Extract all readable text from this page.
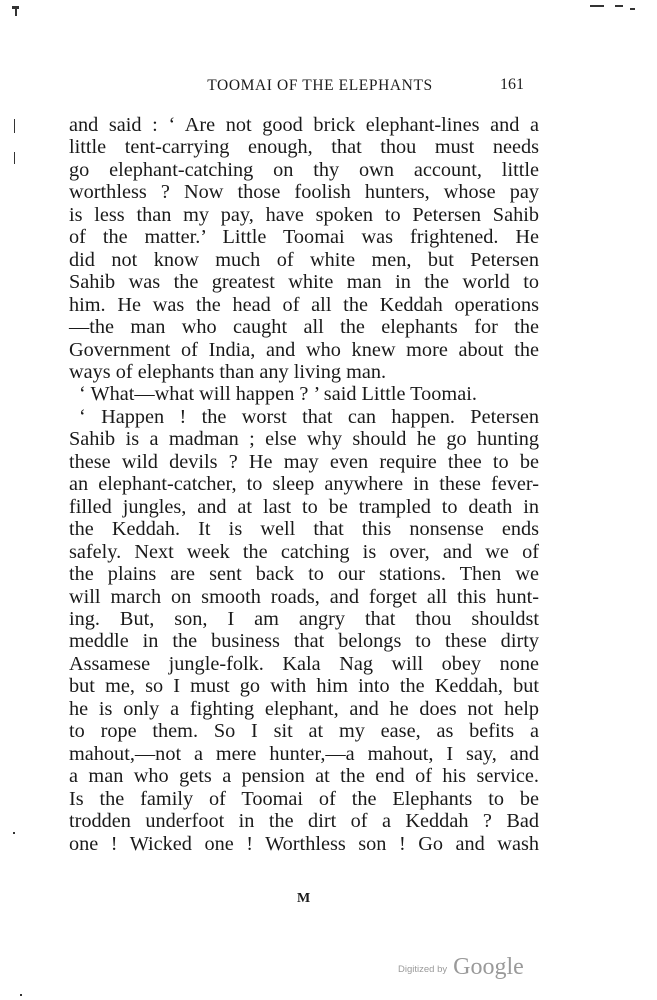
TOOMAI OF THE ELEPHANTS	161
and said : ‘ Are not good brick elephant-lines and a
little tent-carrying enough, that thou must needs
go elephant-catching on thy own account, little
worthless ? Now those foolish hunters, whose pay
is less than my pay, have spoken to Petersen Sahib
of the matter.’ Little Toomai was frightened. He
did not know much of white men, but Petersen
Sahib was the greatest white man in the world to
him. He was the head of all the Keddah operations
—the man who caught all the elephants for the
Government of India, and who knew more about the
ways of elephants than any living man.
‘ What—what will happen ? ’ said Little Toomai.
‘ Happen ! the worst that can happen. Petersen
Sahib is a madman ; else why should he go hunting
these wild devils ? He may even require thee to be
an elephant-catcher, to sleep anywhere in these fever-
filled jungles, and at last to be trampled to death in
the Keddah. It is well that this nonsense ends
safely. Next week the catching is over, and we of
the plains are sent back to our stations. Then we
will march on smooth roads, and forget all this hunt-
ing. But, son, I am angry that thou shouldst
meddle in the business that belongs to these dirty
Assamese jungle-folk. Kala Nag will obey none
but me, so I must go with him into the Keddah, but
he is only a fighting elephant, and he does not help
to rope them. So I sit at my ease, as befits a
mahout,—not a mere hunter,—a mahout, I say, and
a man who gets a pension at the end of his service.
Is the family of Toomai of the Elephants to be
trodden underfoot in the dirt of a Keddah ? Bad
one ! Wicked one ! Worthless son ! Go and wash
M
Digitized by Google
